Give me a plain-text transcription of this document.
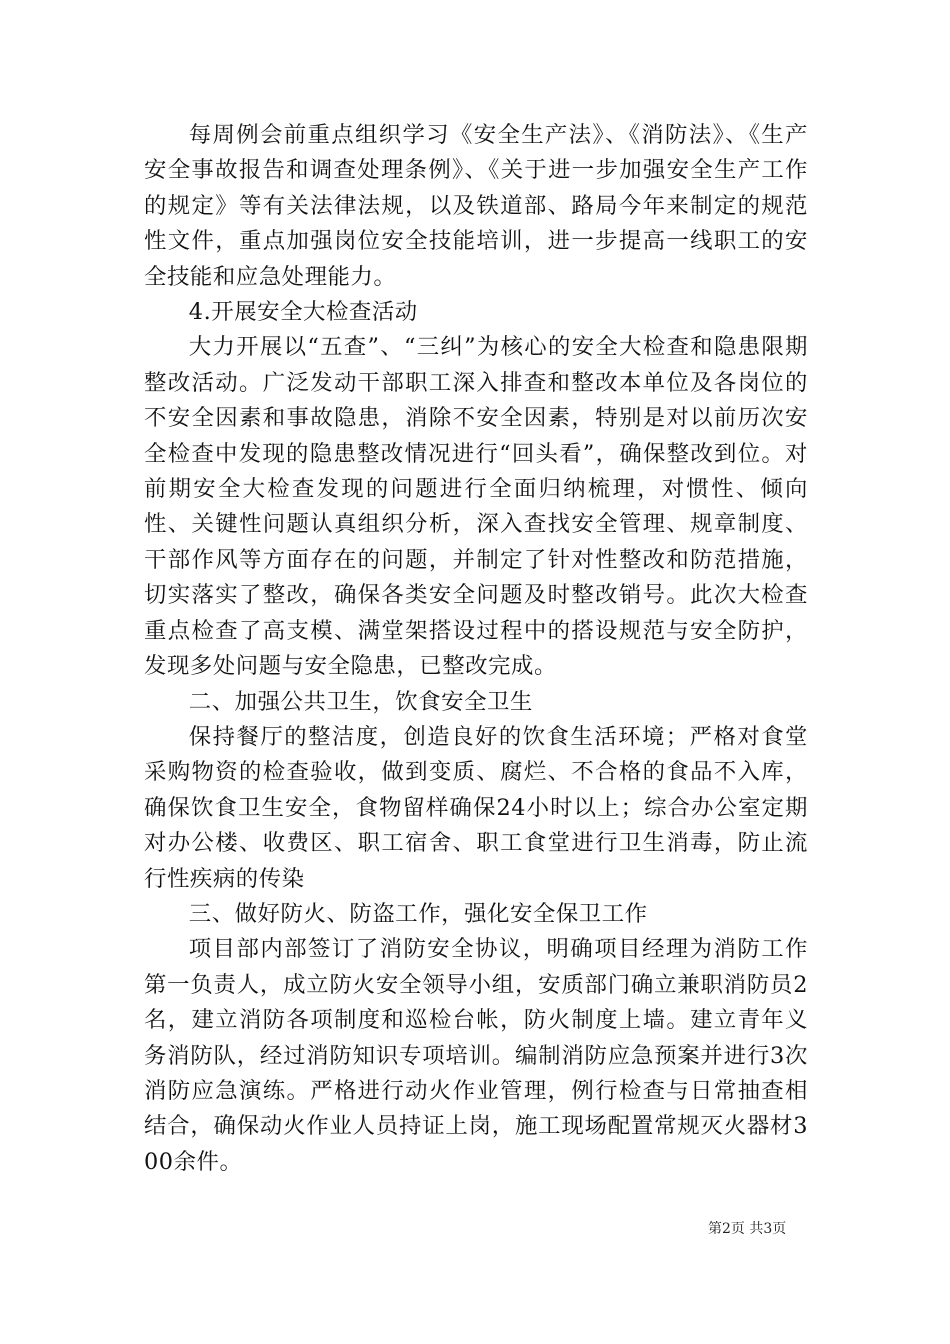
每周例会前重点组织学习《安全生产法》、《消防法》、《生产安全事故报告和调查处理条例》、《关于进一步加强安全生产工作的规定》等有关法律法规，以及铁道部、路局今年来制定的规范性文件，重点加强岗位安全技能培训，进一步提高一线职工的安全技能和应急处理能力。

4.开展安全大检查活动

大力开展以“五查”、“三纠”为核心的安全大检查和隐患限期整改活动。广泛发动干部职工深入排查和整改本单位及各岗位的不安全因素和事故隐患，消除不安全因素，特别是对以前历次安全检查中发现的隐患整改情况进行“回头看”，确保整改到位。对前期安全大检查发现的问题进行全面归纳梳理，对惯性、倾向性、关键性问题认真组织分析，深入查找安全管理、规章制度、干部作风等方面存在的问题，并制定了针对性整改和防范措施，切实落实了整改，确保各类安全问题及时整改销号。此次大检查重点检查了高支模、满堂架搭设过程中的搭设规范与安全防护，发现多处问题与安全隐患，已整改完成。

二、加强公共卫生，饮食安全卫生

保持餐厅的整洁度，创造良好的饮食生活环境；严格对食堂采购物资的检查验收，做到变质、腐烂、不合格的食品不入库，确保饮食卫生安全，食物留样确保24小时以上；综合办公室定期对办公楼、收费区、职工宿舍、职工食堂进行卫生消毒，防止流行性疾病的传染

三、做好防火、防盗工作，强化安全保卫工作

项目部内部签订了消防安全协议，明确项目经理为消防工作第一负责人，成立防火安全领导小组，安质部门确立兼职消防员2名，建立消防各项制度和巡检台帐，防火制度上墙。建立青年义务消防队，经过消防知识专项培训。编制消防应急预案并进行3次消防应急演练。严格进行动火作业管理，例行检查与日常抽查相结合，确保动火作业人员持证上岗，施工现场配置常规灭火器材300余件。

第2页 共3页
